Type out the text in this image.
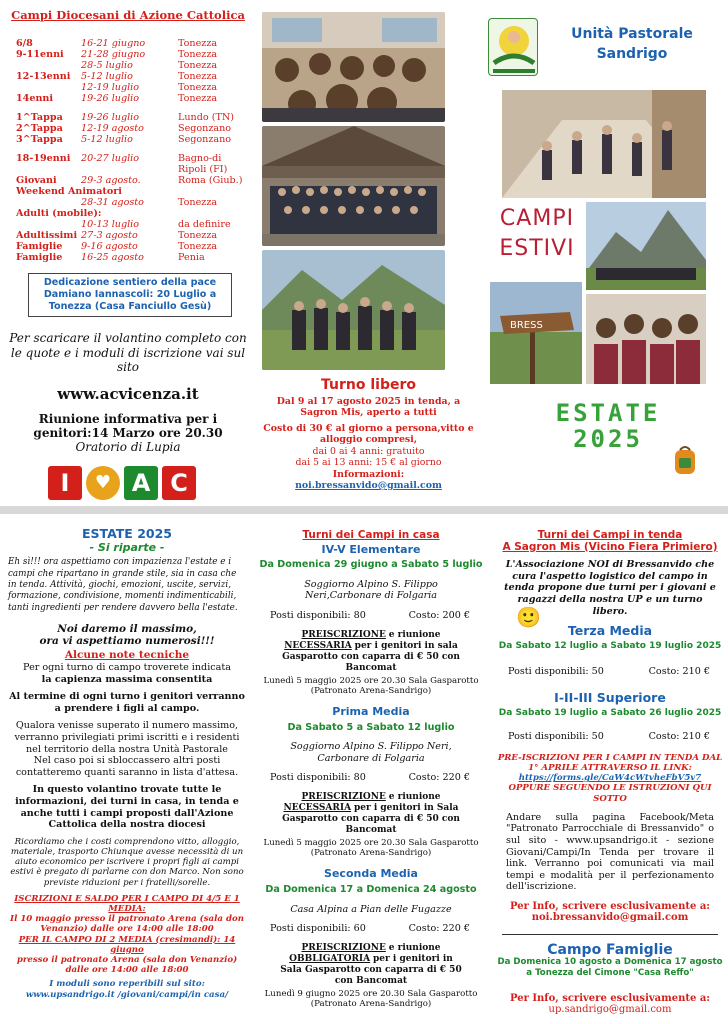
Campi Diocesani di Azione Cattolica
6/8	16-21 giugno	Tonezza
9-11enni 21-28 giugno	Tonezza
28-5 luglio	Tonezza
12-13enni 5-12 luglio	Tonezza
12-19 luglio	Tonezza
14enni	19-26 luglio	Tonezza
1^Tappa 19-26 luglio	Lundo (TN)
2^Tappa 12-19 agosto	Segonzano
3^Tappa 5-12 luglio	Segonzano
18-19enni 20-27 luglio	Bagno-di
Ripoli (FI)
Giovani	29-3 agosto.	Roma (Giub.)
Weekend Animatori
28-31 agosto	Tonezza
Adulti (mobile):
10-13 luglio	da definire
Adultissimi 27-3 agosto	Tonezza
Famiglie 9-16 agosto	Tonezza
Famiglie 16-25 agosto	Penia
Dedicazione sentiero della pace Damiano Iannascoli: 20 Luglio a Tonezza (Casa Fanciullo Gesù)
Per scaricare il volantino completo con le quote e i moduli di iscrizione vai sul sito
www.acvicenza.it
Riunione informativa per i genitori:14 Marzo ore 20.30
Oratorio di Lupia
I	♥ A C
Turno libero
Dal 9 al 17 agosto 2025 in tenda, a Sagron Mis, aperto a tutti
Costo di 30 € al giorno a persona,vitto e alloggio compresi,
dai 0 ai 4 anni: gratuito
dai 5 ai 13 anni: 15 € al giorno
Informazioni:
noi.bressanvido@gmail.com
Unità Pastorale
Sandrigo
CAMPI
ESTIVI
BRESS
ESTATE
2025
ESTATE 2025
- Si riparte -
Eh sì!!! ora aspettiamo con impazienza l'estate e i campi che ripartano in grande stile, sia in casa che in tenda. Attività, giochi, emozioni, uscite, servizi, formazione, condivisione, momenti indimenticabili, tanti ingredienti per rendere davvero bella l'estate.
Noi daremo il massimo,
ora vi aspettiamo numerosi!!!
Alcune note tecniche
Per ogni turno di campo troverete indicata
la capienza massima consentita
Al termine di ogni turno i genitori verranno a prendere i figli al campo.
Qualora venisse superato il numero massimo, verranno privilegiati primi iscritti e i residenti nel territorio della nostra Unità Pastorale
Nel caso poi si sbloccassero altri posti contatteremo quanti saranno in lista d'attesa.
In questo volantino trovate tutte le informazioni, dei turni in casa, in tenda e anche tutti i campi proposti dall'Azione Cattolica della nostra diocesi
Ricordiamo che i costi comprendono vitto, alloggio, materiale, trasporto Chiunque avesse necessità di un aiuto economico per iscrivere i propri figli ai campi estivi è pregato di parlarne con don Marco. Non sono previste riduzioni per i fratelli/sorelle.
ISCRIZIONI E SALDO PER I CAMPO DI 4/5 E 1 MEDIA:
Il 10 maggio presso il patronato Arena (sala don Venanzio) dalle ore 14:00 alle 18:00
PER IL CAMPO DI 2 MEDIA (cresimandi): 14 giugno
presso il patronato Arena (sala don Venanzio) dalle ore 14:00 alle 18:00
I moduli sono reperibili sul sito: www.upsandrigo.it /giovani/campi/in casa/
Turni dei Campi in casa
IV-V Elementare
Da Domenica 29 giugno a Sabato 5 luglio
Soggiorno Alpino S. Filippo Neri,Carbonare di Folgaria
Posti disponibili: 80	Costo: 200 €
PREISCRIZIONE e riunione NECESSARIA per i genitori in sala Gasparotto con caparra di € 50 con Bancomat
Lunedì 5 maggio 2025 ore 20.30 Sala Gasparotto (Patronato Arena-Sandrigo)
Prima Media
Da Sabato 5 a Sabato 12 luglio
Soggiorno Alpino S. Filippo Neri, Carbonare di Folgaria
Posti disponibili: 80	Costo: 220 €
PREISCRIZIONE e riunione NECESSARIA per i genitori in Sala Gasparotto con caparra di € 50 con Bancomat
Lunedì 5 maggio 2025 ore 20.30 Sala Gasparotto (Patronato Arena-Sandrigo)
Seconda Media
Da Domenica 17 a Domenica 24 agosto
Casa Alpina a Pian delle Fugazze
Posti disponibili: 60	Costo: 220 €
PREISCRIZIONE e riunione OBBLIGATORIA per i genitori in Sala Gasparotto con caparra di € 50 con Bancomat
Lunedì 9 giugno 2025 ore 20.30 Sala Gasparotto (Patronato Arena-Sandrigo)
Turni dei Campi in tenda
A Sagron Mis (Vicino Fiera Primiero)
L'Associazione NOI di Bressanvido che cura l'aspetto logistico del campo in tenda propone due turni per i giovani e ragazzi della nostra UP e un turno libero.
🙂
Terza Media
Da Sabato 12 luglio a Sabato 19 luglio 2025
Posti disponibili: 50	Costo: 210 €
I-II-III Superiore
Da Sabato 19 luglio a Sabato 26 luglio 2025
Posti disponibili: 50	Costo: 210 €
PRE-ISCRIZIONI PER I CAMPI IN TENDA DAL 1° APRILE ATTRAVERSO IL LINK:
https://forms.gle/CaW4cWtvheFbV5v7
OPPURE SEGUENDO LE ISTRUZIONI QUI SOTTO
Andare sulla pagina Facebook/Meta "Patronato Parrocchiale di Bressanvido" o sul sito - www.upsandrigo.it - sezione Giovani/Campi/In Tenda per trovare il link. Verranno poi comunicati via mail tempi e modalità per il perfezionamento dell'iscrizione.
Per Info, scrivere esclusivamente a:
noi.bressanvido@gmail.com
Campo Famiglie
Da Domenica 10 agosto a Domenica 17 agosto a Tonezza del Cimone "Casa Reffo"
Per Info, scrivere esclusivamente a:
up.sandrigo@gmail.com
